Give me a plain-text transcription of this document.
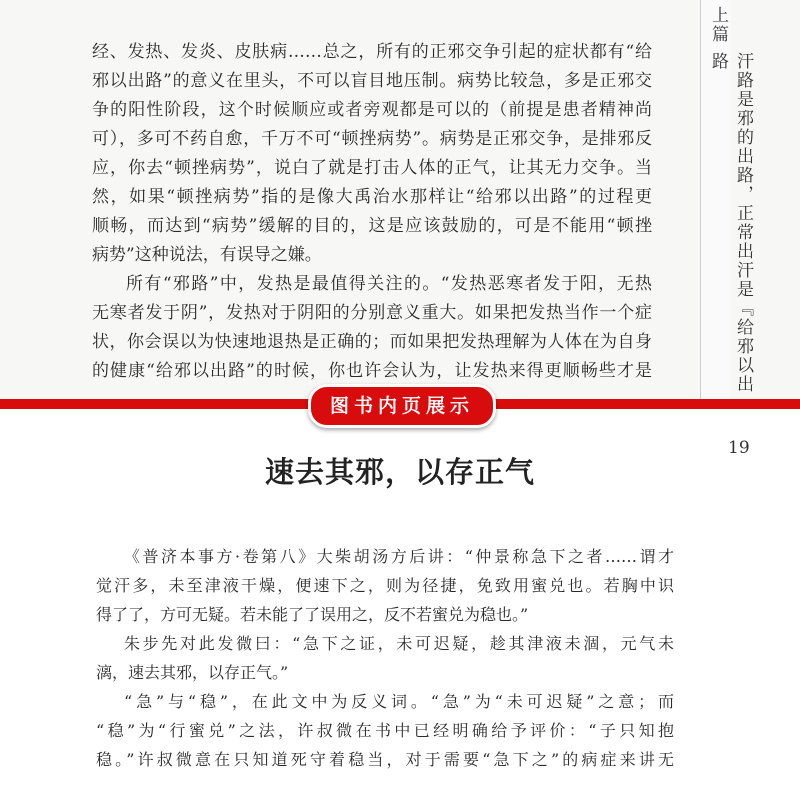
经、发热、发炎、皮肤病……总之，所有的正邪交争引起的症状都有“给
邪以出路”的意义在里头，不可以盲目地压制。病势比较急，多是正邪交
争的阳性阶段，这个时候顺应或者旁观都是可以的（前提是患者精神尚
可），多可不药自愈，千万不可“顿挫病势”。病势是正邪交争，是排邪反
应，你去“顿挫病势”，说白了就是打击人体的正气，让其无力交争。当
然，如果“顿挫病势”指的是像大禹治水那样让“给邪以出路”的过程更
顺畅，而达到“病势”缓解的目的，这是应该鼓励的，可是不能用“顿挫
病势”这种说法，有误导之嫌。
所有“邪路”中，发热是最值得关注的。“发热恶寒者发于阳，无热
无寒者发于阴”，发热对于阴阳的分别意义重大。如果把发热当作一个症
状，你会误以为快速地退热是正确的；而如果把发热理解为人体在为自身
的健康“给邪以出路”的时候，你也许会认为，让发热来得更顺畅些才是
上篇
汗路是邪的出路，正常出汗是『给邪以出路
图书内页展示
19
速去其邪，以存正气
《普济本事方·卷第八》大柴胡汤方后讲：“仲景称急下之者……谓才
觉汗多，未至津液干燥，便速下之，则为径捷，免致用蜜兑也。若胸中识
得了了，方可无疑。若未能了了误用之，反不若蜜兑为稳也。”
朱步先对此发微曰：“急下之证，未可迟疑，趁其津液未涸，元气未
漓，速去其邪，以存正气。”
“急”与“稳”，在此文中为反义词。“急”为“未可迟疑”之意；而
“稳”为“行蜜兑”之法，许叔微在书中已经明确给予评价：“子只知抱
稳。”许叔微意在只知道死守着稳当，对于需要“急下之”的病症来讲无
